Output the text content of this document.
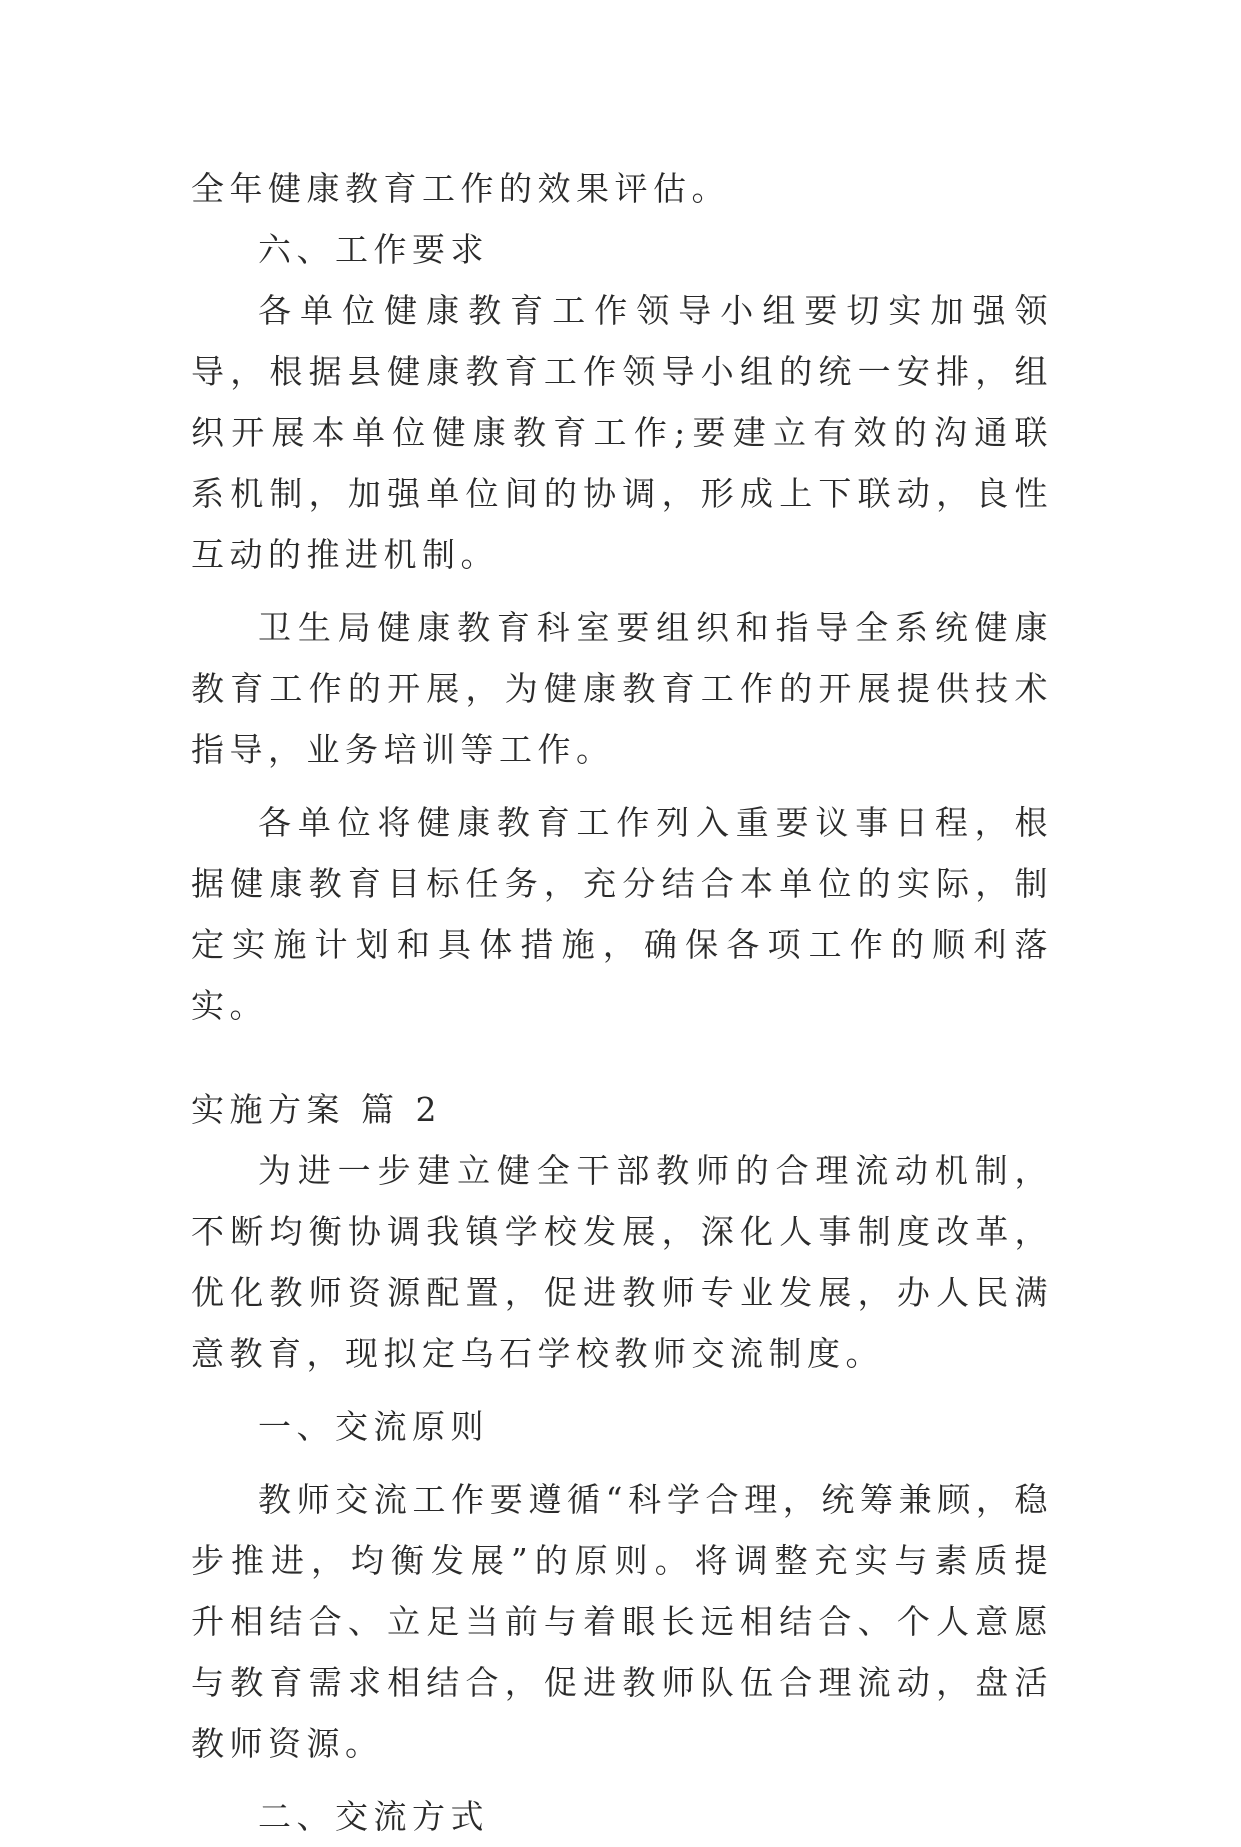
全年健康教育工作的效果评估。

六、工作要求

各单位健康教育工作领导小组要切实加强领导，根据县健康教育工作领导小组的统一安排，组织开展本单位健康教育工作;要建立有效的沟通联系机制，加强单位间的协调，形成上下联动，良性互动的推进机制。

卫生局健康教育科室要组织和指导全系统健康教育工作的开展，为健康教育工作的开展提供技术指导，业务培训等工作。

各单位将健康教育工作列入重要议事日程，根据健康教育目标任务，充分结合本单位的实际，制定实施计划和具体措施，确保各项工作的顺利落实。

实施方案 篇 2

为进一步建立健全干部教师的合理流动机制，不断均衡协调我镇学校发展，深化人事制度改革，优化教师资源配置，促进教师专业发展，办人民满意教育，现拟定乌石学校教师交流制度。

一、交流原则

教师交流工作要遵循“科学合理，统筹兼顾，稳步推进，均衡发展”的原则。将调整充实与素质提升相结合、立足当前与着眼长远相结合、个人意愿与教育需求相结合，促进教师队伍合理流动，盘活教师资源。

二、交流方式
